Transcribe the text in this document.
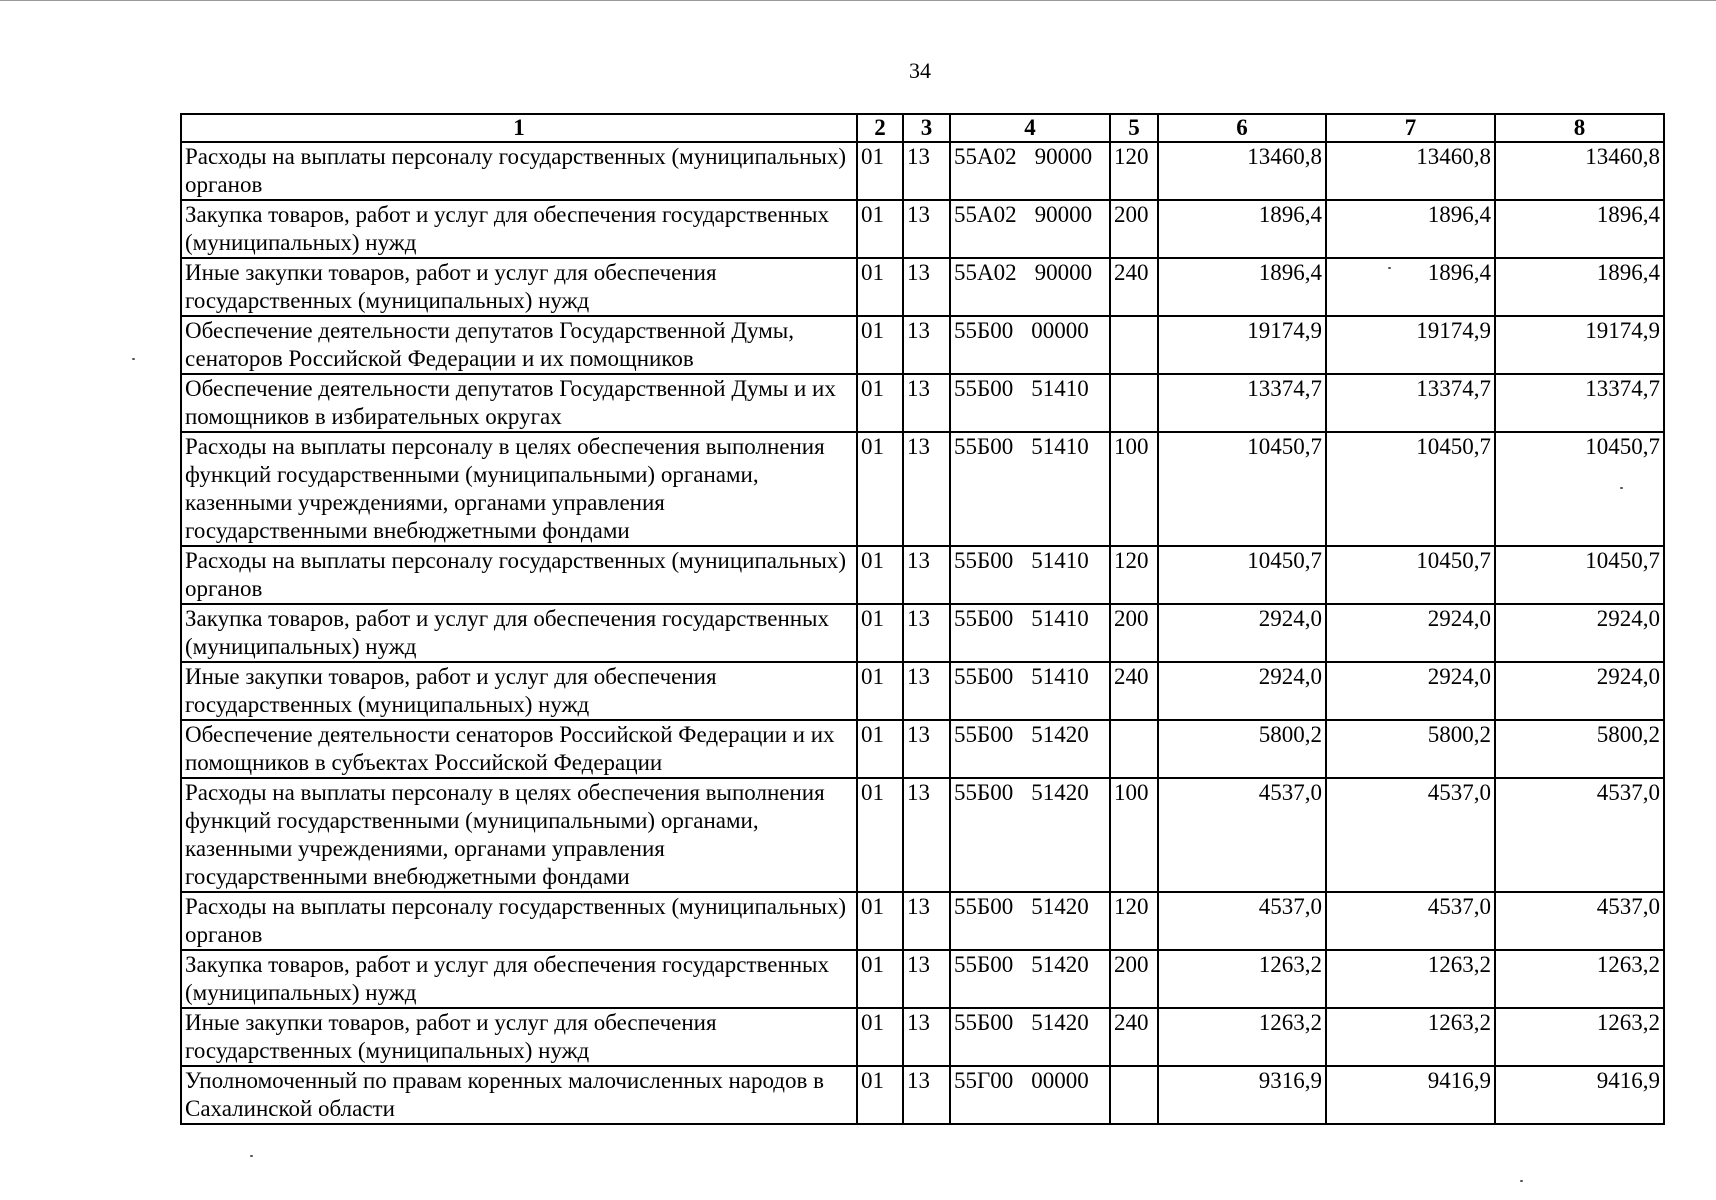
34
1	2	3	4	5	6	7	8
Расходы на выплаты персоналу государственных (муниципальных) органов	01	13	55А02 90000	120	13460,8	13460,8	13460,8
Закупка товаров, работ и услуг для обеспечения государственных (муниципальных) нужд	01	13	55А02 90000	200	1896,4	1896,4	1896,4
Иные закупки товаров, работ и услуг для обеспечения государственных (муниципальных) нужд	01	13	55А02 90000	240	1896,4	1896,4	1896,4
Обеспечение деятельности депутатов Государственной Думы, сенаторов Российской Федерации и их помощников	01	13	55Б00 00000		19174,9	19174,9	19174,9
Обеспечение деятельности депутатов Государственной Думы и их помощников в избирательных округах	01	13	55Б00 51410		13374,7	13374,7	13374,7
Расходы на выплаты персоналу в целях обеспечения выполнения функций государственными (муниципальными) органами, казенными учреждениями, органами управления государственными внебюджетными фондами	01	13	55Б00 51410	100	10450,7	10450,7	10450,7
Расходы на выплаты персоналу государственных (муниципальных) органов	01	13	55Б00 51410	120	10450,7	10450,7	10450,7
Закупка товаров, работ и услуг для обеспечения государственных (муниципальных) нужд	01	13	55Б00 51410	200	2924,0	2924,0	2924,0
Иные закупки товаров, работ и услуг для обеспечения государственных (муниципальных) нужд	01	13	55Б00 51410	240	2924,0	2924,0	2924,0
Обеспечение деятельности сенаторов Российской Федерации и их помощников в субъектах Российской Федерации	01	13	55Б00 51420		5800,2	5800,2	5800,2
Расходы на выплаты персоналу в целях обеспечения выполнения функций государственными (муниципальными) органами, казенными учреждениями, органами управления государственными внебюджетными фондами	01	13	55Б00 51420	100	4537,0	4537,0	4537,0
Расходы на выплаты персоналу государственных (муниципальных) органов	01	13	55Б00 51420	120	4537,0	4537,0	4537,0
Закупка товаров, работ и услуг для обеспечения государственных (муниципальных) нужд	01	13	55Б00 51420	200	1263,2	1263,2	1263,2
Иные закупки товаров, работ и услуг для обеспечения государственных (муниципальных) нужд	01	13	55Б00 51420	240	1263,2	1263,2	1263,2
Уполномоченный по правам коренных малочисленных народов в Сахалинской области	01	13	55Г00 00000		9316,9	9416,9	9416,9
